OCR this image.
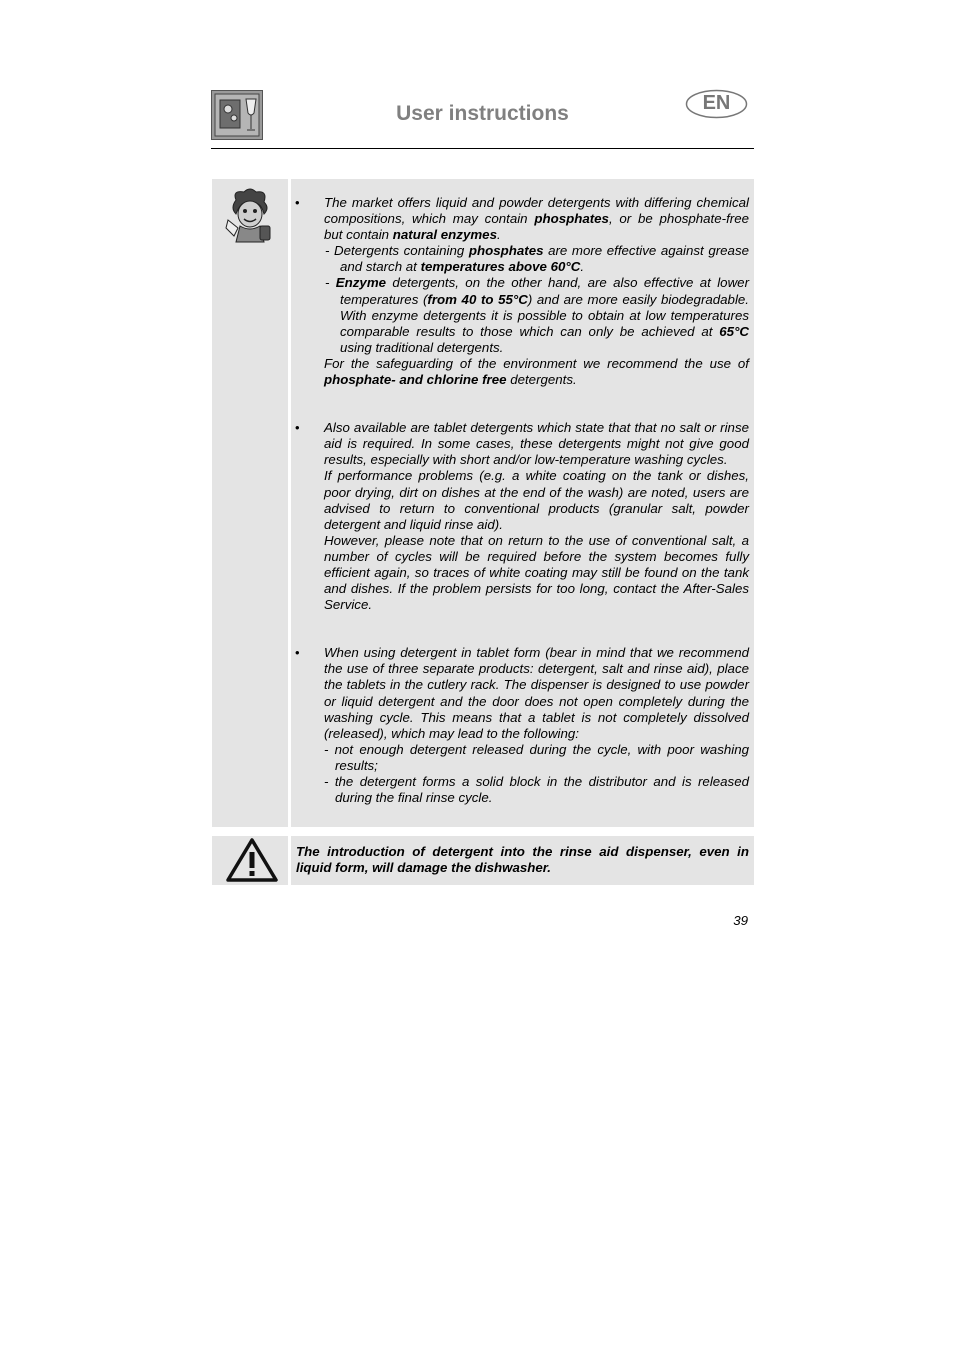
User instructions	EN
• The market offers liquid and powder detergents with differing chemical compositions, which may contain phosphates, or be phosphate-free but contain natural enzymes.

- Detergents containing phosphates are more effective against grease and starch at temperatures above 60°C.

- Enzyme detergents, on the other hand, are also effective at lower temperatures (from 40 to 55°C) and are more easily biodegradable. With enzyme detergents it is possible to obtain at low temperatures comparable results to those which can only be achieved at 65°C using traditional detergents.

For the safeguarding of the environment we recommend the use of phosphate- and chlorine free detergents.

• Also available are tablet detergents which state that that no salt or rinse aid is required. In some cases, these detergents might not give good results, especially with short and/or low-temperature washing cycles.

If performance problems (e.g. a white coating on the tank or dishes, poor drying, dirt on dishes at the end of the wash) are noted, users are advised to return to conventional products (granular salt, powder detergent and liquid rinse aid).

However, please note that on return to the use of conventional salt, a number of cycles will be required before the system becomes fully efficient again, so traces of white coating may still be found on the tank and dishes. If the problem persists for too long, contact the After-Sales Service.

• When using detergent in tablet form (bear in mind that we recommend the use of three separate products: detergent, salt and rinse aid), place the tablets in the cutlery rack. The dispenser is designed to use powder or liquid detergent and the door does not open completely during the washing cycle. This means that a tablet is not completely dissolved (released), which may lead to the following:

- not enough detergent released during the cycle, with poor washing results;

- the detergent forms a solid block in the distributor and is released during the final rinse cycle.

The introduction of detergent into the rinse aid dispenser, even in liquid form, will damage the dishwasher.
39
